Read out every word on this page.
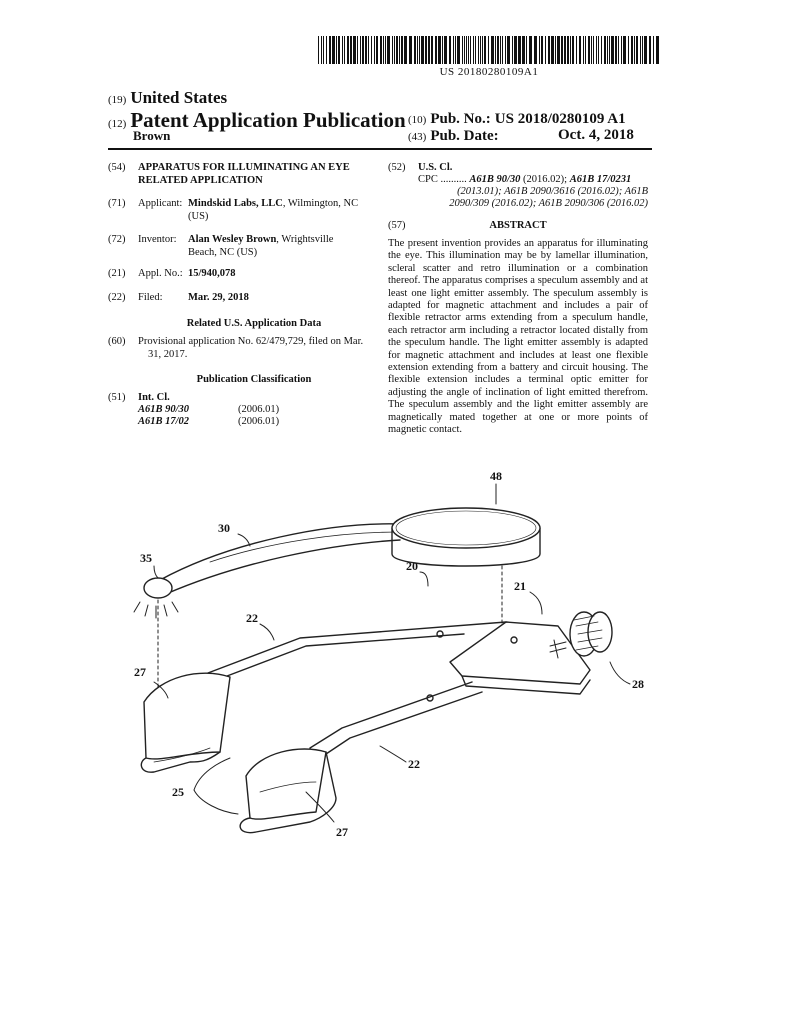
US 20180280109A1
(19) United States
(12) Patent Application Publication
Brown
(10) Pub. No.: US 2018/0280109 A1
(43) Pub. Date:	Oct. 4, 2018
(54)	APPARATUS FOR ILLUMINATING AN EYE
RELATED APPLICATION
(71)	Applicant: Mindskid Labs, LLC, Wilmington, NC
(US)
(72)	Inventor: Alan Wesley Brown, Wrightsville
Beach, NC (US)
(21)	Appl. No.: 15/940,078
(22)	Filed: Mar. 29, 2018
Related U.S. Application Data
(60)	Provisional application No. 62/479,729, filed on Mar.
31, 2017.
Publication Classification
(51)	Int. Cl.
A61B 90/30	(2006.01)
A61B 17/02	(2006.01)
(52)	U.S. Cl.
CPC .......... A61B 90/30 (2016.02); A61B 17/0231
(2013.01); A61B 2090/3616 (2016.02); A61B
2090/309 (2016.02); A61B 2090/306 (2016.02)
(57)	ABSTRACT
The present invention provides an apparatus for illuminating the eye. This illumination may be by lamellar illumination, scleral scatter and retro illumination or a combination thereof. The apparatus comprises a speculum assembly and at least one light emitter assembly. The speculum assembly is adapted for magnetic attachment and includes a pair of flexible retractor arms extending from a speculum handle, each retractor arm including a retractor located distally from the speculum handle. The light emitter assembly is adapted for magnetic attachment and includes at least one flexible extension extending from a battery and circuit housing. The flexible extension includes a terminal optic emitter for adjusting the angle of inclination of light emitted therefrom. The speculum assembly and the light emitter assembly are magnetically mated together at one or more points of magnetic contact.
48
30
35
20
21
22
27
28
22
25
27
